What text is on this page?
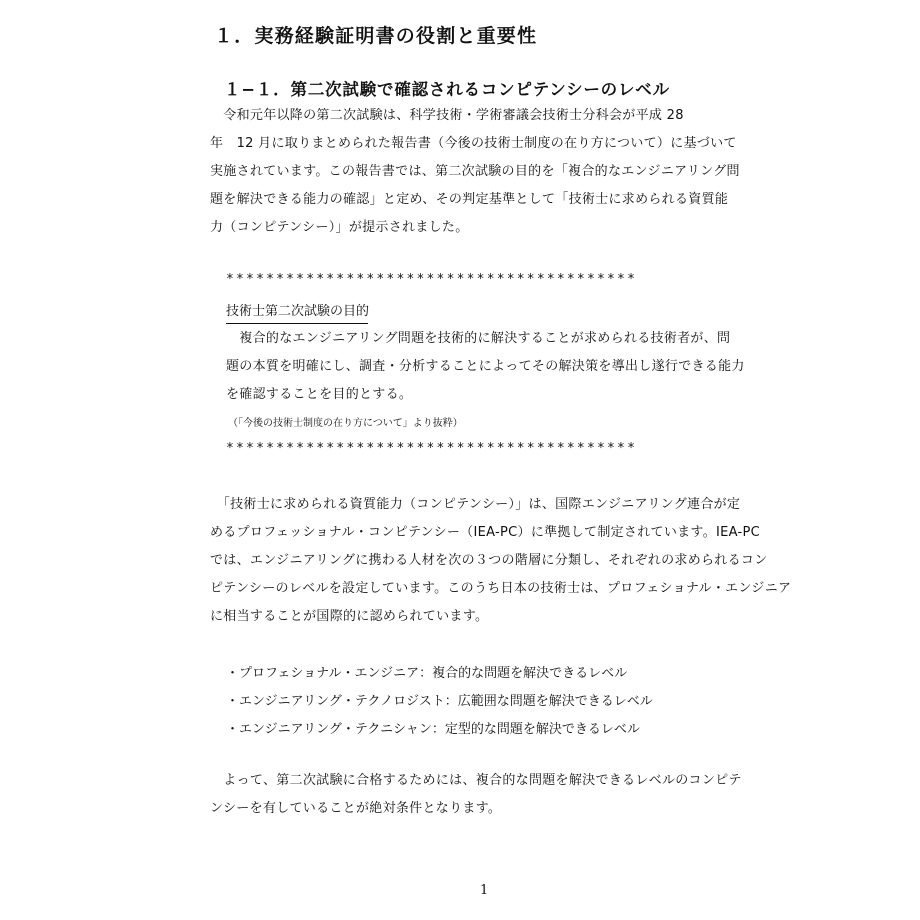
１．実務経験証明書の役割と重要性
１−１．第二次試験で確認されるコンピテンシーのレベル

　令和元年以降の第二次試験は、科学技術・学術審議会技術士分科会が平成 28

年　12 月に取りまとめられた報告書（今後の技術士制度の在り方について）に基づいて

実施されています。この報告書では、第二次試験の目的を「複合的なエンジニアリング問

題を解決できる能力の確認」と定め、その判定基準として「技術士に求められる資質能

力（コンピテンシー）」が提示されました。

*****************************************
技術士第二次試験の目的

　複合的なエンジニアリング問題を技術的に解決することが求められる技術者が、問

題の本質を明確にし、調査・分析することによってその解決策を導出し遂行できる能力

を確認することを目的とする。

（「今後の技術士制度の在り方について」より抜粋）
*****************************************

　「技術士に求められる資質能力（コンピテンシー）」は、国際エンジニアリング連合が定

めるプロフェッショナル・コンピテンシー（IEA-PC）に準拠して制定されています。IEA-PC

では、エンジニアリングに携わる人材を次の３つの階層に分類し、それぞれの求められるコン

ピテンシーのレベルを設定しています。このうち日本の技術士は、プロフェショナル・エンジニア

に相当することが国際的に認められています。

・プロフェショナル・エンジニア：複合的な問題を解決できるレベル

・エンジニアリング・テクノロジスト：広範囲な問題を解決できるレベル

・エンジニアリング・テクニシャン：定型的な問題を解決できるレベル

　よって、第二次試験に合格するためには、複合的な問題を解決できるレベルのコンピテ

ンシーを有していることが絶対条件となります。

1
